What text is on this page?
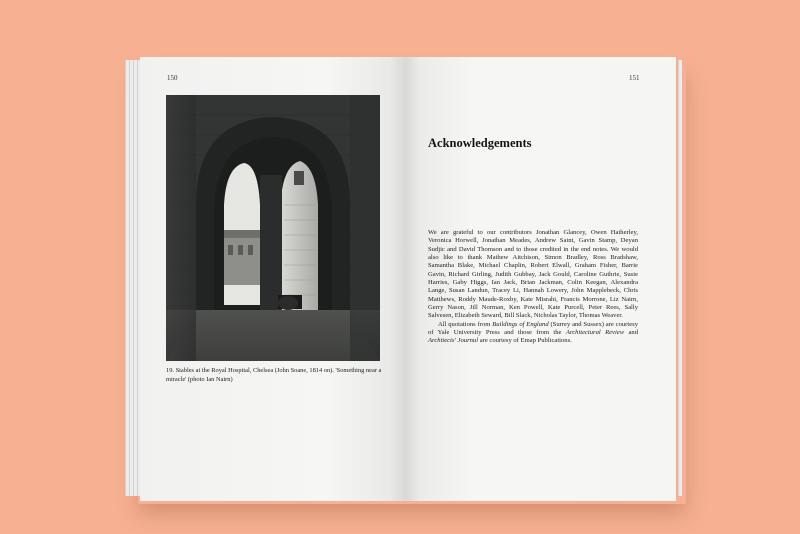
150	151
19. Stables at the Royal Hospital, Chelsea (John Soane, 1814 on). 'Something near a miracle' (photo Ian Nairn)
Acknowledgements

We are grateful to our contributors Jonathan Glancey, Owen Hatherley, Veronica Horwell, Jonathan Meades, Andrew Saint, Gavin Stamp, Deyan Sudjic and David Thomson and to those credited in the end notes. We would also like to thank Mathew Aitchison, Simon Bradley, Ross Bradshaw, Samantha Blake, Michael Chaplin, Robert Elwall, Graham Fisher, Barrie Gavin, Richard Girling, Judith Gubbay, Jack Gould, Caroline Guthrie, Susie Harries, Gaby Higgs, Ian Jack, Brian Jackman, Colin Keegan, Alexandra Lange, Susan Landun, Tracey Li, Hannah Lowery, John Mapplebeck, Chris Matthews, Roddy Maude-Roxby, Kate Misrahi, Francis Morrone, Liz Nairn, Gerry Nason, Jill Norman, Ken Powell, Kate Purcell, Peter Rees, Sally Salvesen, Elizabeth Seward, Bill Slack, Nicholas Taylor, Thomas Weaver.

All quotations from Buildings of England (Surrey and Sussex) are courtesy of Yale University Press and those from the Architectural Review and Architects' Journal are courtesy of Emap Publications.
